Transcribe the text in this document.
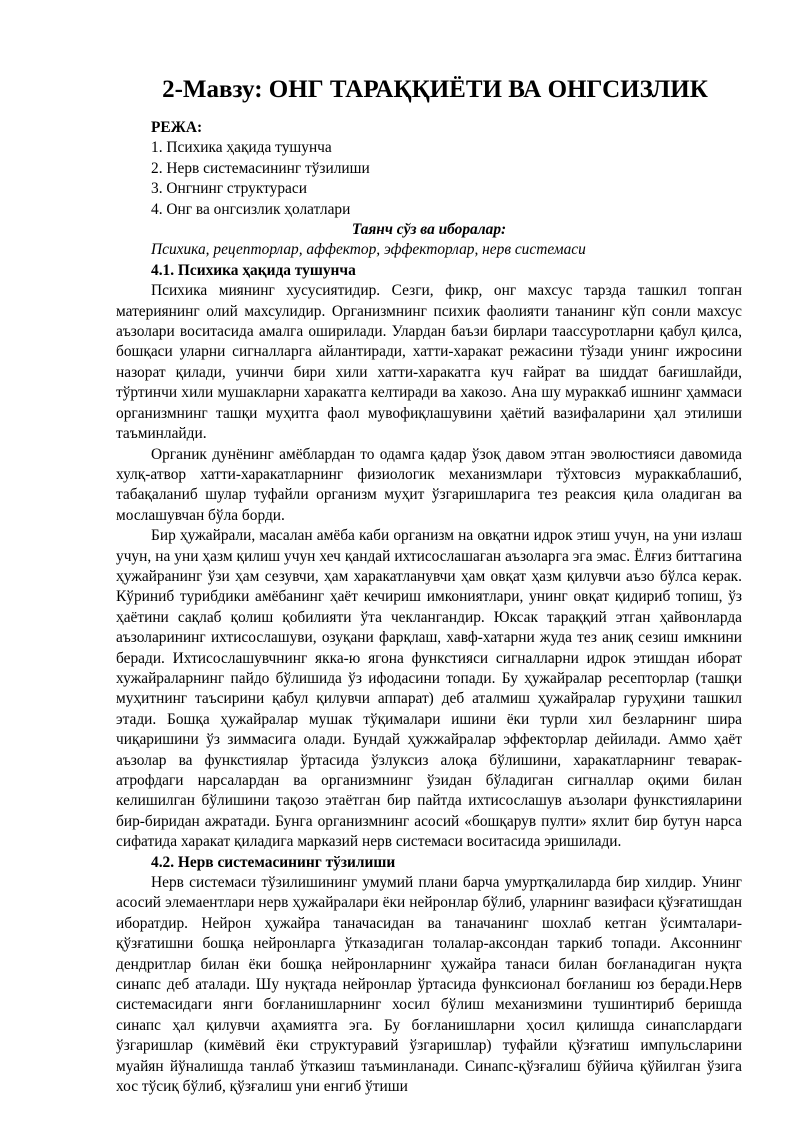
2-Мавзу: ОНГ ТАРАҚҚИЁТИ ВА ОНГСИЗЛИК
РЕЖА:
1. Психика ҳақида тушунча
2. Нерв системасининг тўзилиши
3. Онгнинг структураси
4. Онг ва онгсизлик ҳолатлари
Таянч сўз ва иборалар:
Психика, рецепторлар, аффектор, эффекторлар, нерв системаси
4.1. Психика ҳақида тушунча

Психика миянинг хусусиятидир. Сезги, фикр, онг махсус тарзда ташкил топган материянинг олий махсулидир. Организмнинг психик фаолияти тананинг кўп сонли махсус аъзолари воситасида амалга оширилади. Улардан баъзи бирлари таассуротларни қабул қилса, бошқаси уларни сигналларга айлантиради, хатти-харакат режасини тўзади унинг ижросини назорат қилади, учинчи бири хили хатти-харакатга куч ғайрат ва шиддат бағишлайди, тўртинчи хили мушакларни харакатга келтиради ва хакозо. Ана шу мураккаб ишнинг ҳаммаси организмнинг ташқи муҳитга фаол мувофиқлашувини ҳаётий вазифаларини ҳал этилиши таъминлайди.

Органик дунёнинг амёблардан то одамга қадар ўзоқ давом этган эволюстияси давомида хулқ-атвор хатти-харакатларнинг физиологик механизмлари тўхтовсиз мураккаблашиб, табақаланиб шулар туфайли организм муҳит ўзгаришларига тез реаксия қила оладиган ва мослашувчан бўла борди.

Бир ҳужайрали, масалан амёба каби организм на овқатни идрок этиш учун, на уни излаш учун, на уни ҳазм қилиш учун хеч қандай ихтисослашаган аъзоларга эга эмас. Ёлғиз биттагина ҳужайранинг ўзи ҳам сезувчи, ҳам харакатланувчи ҳам овқат ҳазм қилувчи аъзо бўлса керак. Кўриниб турибдики амёбанинг ҳаёт кечириш имкониятлари, унинг овқат қидириб топиш, ўз ҳаётини сақлаб қолиш қобилияти ўта чеклангандир. Юксак тараққий этган ҳайвонларда аъзоларининг ихтисослашуви, озуқани фарқлаш, хавф-хатарни жуда тез аниқ сезиш имкнини беради. Ихтисослашувчнинг якка-ю ягона функстияси сигналларни идрок этишдан иборат хужайраларнинг пайдо бўлишида ўз ифодасини топади. Бу ҳужайралар ресепторлар (ташқи муҳитнинг таъсирини қабул қилувчи аппарат) деб аталмиш ҳужайралар гуруҳини ташкил этади. Бошқа ҳужайралар мушак тўқималари ишини ёки турли хил безларнинг шира чиқаришини ўз зиммасига олади. Бундай ҳужжайралар эффекторлар дейилади. Аммо ҳаёт аъзолар ва функстиялар ўртасида ўзлуксиз алоқа бўлишини, харакатларнинг теварак-атрофдаги нарсалардан ва организмнинг ўзидан бўладиган сигналлар оқими билан келишилган бўлишини тақозо этаётган бир пайтда ихтисослашув аъзолари функстияларини бир-биридан ажратади. Бунга организмнинг асосий «бошқарув пулти» яхлит бир бутун нарса сифатида харакат қиладига марказий нерв системаси воситасида эришилади.

4.2. Нерв системасининг тўзилиши

Нерв системаси тўзилишининг умумий плани барча умуртқалиларда бир хилдир. Унинг асосий элемаентлари нерв ҳужайралари ёки нейронлар бўлиб, уларнинг вазифаси қўзғатишдан иборатдир. Нейрон ҳужайра таначасидан ва таначанинг шохлаб кетган ўсимталари-қўзғатишни бошқа нейронларга ўтказадиган толалар-аксондан таркиб топади. Аксоннинг дендритлар билан ёки бошқа нейронларнинг ҳужайра танаси билан боғланадиган нуқта синапс деб аталади. Шу нуқтада нейронлар ўртасида функсионал боғланиш юз беради.Нерв системасидаги янги боғланишларнинг хосил бўлиш механизмини тушинтириб беришда синапс ҳал қилувчи аҳамиятга эга. Бу боғланишларни ҳосил қилишда синапслардаги ўзгаришлар (кимёвий ёки структуравий ўзгаришлар) туфайли қўзғатиш импульсларини муайян йўналишда танлаб ўтказиш таъминланади. Синапс-қўзғалиш бўйича қўйилган ўзига хос тўсиқ бўлиб, қўзғалиш уни енгиб ўтиши
